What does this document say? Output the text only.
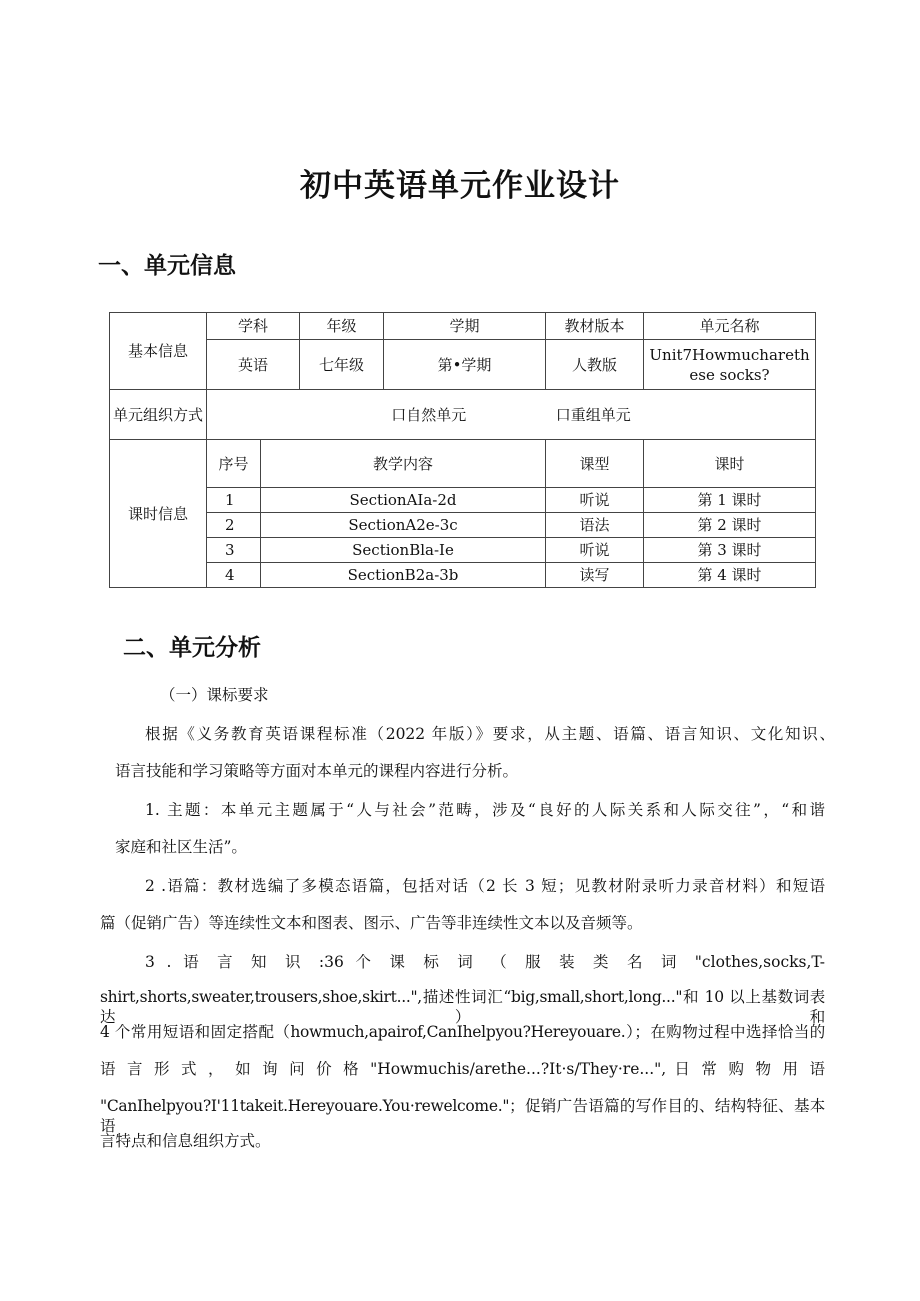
初中英语单元作业设计
一、单元信息
基本信息	学科		年级	学期	教材版本	单元名称
	英语		七年级	第•学期	人教版	Unit7Howmucharethese socks?
单元组织方式	口自然单元 口重组单元					
课时信息	序号	教学内容			课型	课时
	1	SectionAIa-2d			听说	第 1 课时
	2	SectionA2e-3c			语法	第 2 课时
	3	SectionBla-Ie			听说	第 3 课时
	4	SectionB2a-3b			读写	第 4 课时
二、单元分析
（一）课标要求
根据《义务教育英语课程标准（2022 年版）》要求，从主题、语篇、语言知识、文化知识、
语言技能和学习策略等方面对本单元的课程内容进行分析。
1. 主题：本单元主题属于“人与社会”范畴，涉及“良好的人际关系和人际交往”，“和谐
家庭和社区生活”。
2 .语篇：教材选编了多模态语篇，包括对话（2 长 3 短；见教材附录听力录音材料）和短语
篇（促销广告）等连续性文本和图表、图示、广告等非连续性文本以及音频等。
3 . 语 言 知 识 :36 个 课 标 词 （ 服 装 类 名 词 "clothes,socks,T-
shirt,shorts,sweater,trousers,shoe,skirt...",描述性词汇“big,small,short,long..."和 10 以上基数词表达）和
4 个常用短语和固定搭配（howmuch,apairof,CanIhelpyou?Hereyouare.）；在购物过程中选择恰当的
语 言 形 式 ， 如 询 问 价 格 "Howmuchis/arethe...?It·s/They·re...", 日 常 购 物 用 语
"CanIhelpyou?I'11takeit.Hereyouare.You·rewelcome."；促销广告语篇的写作目的、结构特征、基本语
言特点和信息组织方式。
